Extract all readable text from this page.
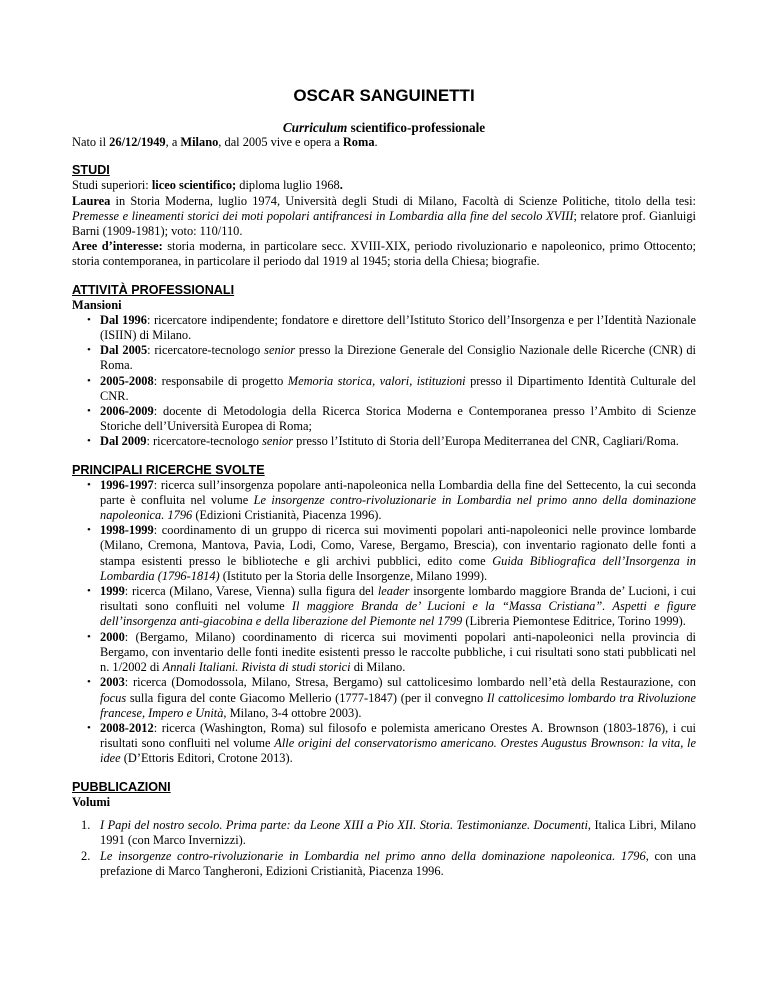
OSCAR SANGUINETTI
Curriculum scientifico-professionale

Nato il 26/12/1949, a Milano, dal 2005 vive e opera a Roma.

STUDI

Studi superiori: liceo scientifico; diploma luglio 1968.

Laurea in Storia Moderna, luglio 1974, Università degli Studi di Milano, Facoltà di Scienze Politiche, titolo della tesi: Premesse e lineamenti storici dei moti popolari antifrancesi in Lombardia alla fine del secolo XVIII; relatore prof. Gianluigi Barni (1909-1981); voto: 110/110.

Aree d’interesse: storia moderna, in particolare secc. XVIII-XIX, periodo rivoluzionario e napoleonico, primo Ottocento; storia contemporanea, in particolare il periodo dal 1919 al 1945; storia della Chiesa; biografie.

ATTIVITÀ PROFESSIONALI

Mansioni

• Dal 1996: ricercatore indipendente; fondatore e direttore dell’Istituto Storico dell’Insorgenza e per l’Identità Nazionale (ISIIN) di Milano.
• Dal 2005: ricercatore-tecnologo senior presso la Direzione Generale del Consiglio Nazionale delle Ricerche (CNR) di Roma.
• 2005-2008: responsabile di progetto Memoria storica, valori, istituzioni presso il Dipartimento Identità Culturale del CNR.
• 2006-2009: docente di Metodologia della Ricerca Storica Moderna e Contemporanea presso l’Ambito di Scienze Storiche dell’Università Europea di Roma;
• Dal 2009: ricercatore-tecnologo senior presso l’Istituto di Storia dell’Europa Mediterranea del CNR, Cagliari/Roma.
PRINCIPALI RICERCHE SVOLTE
• 1996-1997: ricerca sull’insorgenza popolare anti-napoleonica nella Lombardia della fine del Settecento, la cui seconda parte è confluita nel volume Le insorgenze contro-rivoluzionarie in Lombardia nel primo anno della dominazione napoleonica. 1796 (Edizioni Cristianità, Piacenza 1996).
• 1998-1999: coordinamento di un gruppo di ricerca sui movimenti popolari anti-napoleonici nelle province lombarde (Milano, Cremona, Mantova, Pavia, Lodi, Como, Varese, Bergamo, Brescia), con inventario ragionato delle fonti a stampa esistenti presso le biblioteche e gli archivi pubblici, edito come Guida Bibliografica dell’Insorgenza in Lombardia (1796-1814) (Istituto per la Storia delle Insorgenze, Milano 1999).
• 1999: ricerca (Milano, Varese, Vienna) sulla figura del leader insorgente lombardo maggiore Branda de’ Lucioni, i cui risultati sono confluiti nel volume Il maggiore Branda de’ Lucioni e la “Massa Cristiana”. Aspetti e figure dell’insorgenza anti-giacobina e della liberazione del Piemonte nel 1799 (Libreria Piemontese Editrice, Torino 1999).
• 2000: (Bergamo, Milano) coordinamento di ricerca sui movimenti popolari anti-napoleonici nella provincia di Bergamo, con inventario delle fonti inedite esistenti presso le raccolte pubbliche, i cui risultati sono stati pubblicati nel n. 1/2002 di Annali Italiani. Rivista di studi storici di Milano.
• 2003: ricerca (Domodossola, Milano, Stresa, Bergamo) sul cattolicesimo lombardo nell’età della Restaurazione, con focus sulla figura del conte Giacomo Mellerio (1777-1847) (per il convegno Il cattolicesimo lombardo tra Rivoluzione francese, Impero e Unità, Milano, 3-4 ottobre 2003).
• 2008-2012: ricerca (Washington, Roma) sul filosofo e polemista americano Orestes A. Brownson (1803-1876), i cui risultati sono confluiti nel volume Alle origini del conservatorismo americano. Orestes Augustus Brownson: la vita, le idee (D’Ettoris Editori, Crotone 2013).
PUBBLICAZIONI

Volumi

1. I Papi del nostro secolo. Prima parte: da Leone XIII a Pio XII. Storia. Testimonianze. Documenti, Italica Libri, Milano 1991 (con Marco Invernizzi).
2. Le insorgenze contro-rivoluzionarie in Lombardia nel primo anno della dominazione napoleonica. 1796, con una prefazione di Marco Tangheroni, Edizioni Cristianità, Piacenza 1996.
